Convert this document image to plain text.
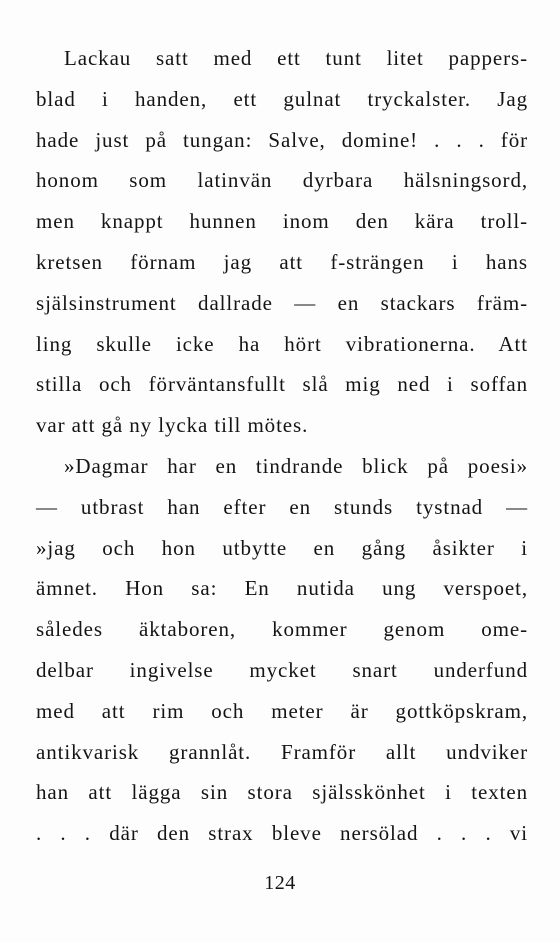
Lackau satt med ett tunt litet pappers-
blad i handen, ett gulnat tryckalster. Jag
hade just på tungan: Salve, domine! . . . för
honom som latinvän dyrbara hälsningsord,
men knappt hunnen inom den kära troll-
kretsen förnam jag att f-strängen i hans
själsinstrument dallrade — en stackars främ-
ling skulle icke ha hört vibrationerna. Att
stilla och förväntansfullt slå mig ned i soffan
var att gå ny lycka till mötes.
»Dagmar har en tindrande blick på poesi»
— utbrast han efter en stunds tystnad —
»jag och hon utbytte en gång åsikter i
ämnet. Hon sa: En nutida ung verspoet,
således äktaboren, kommer genom ome-
delbar ingivelse mycket snart underfund
med att rim och meter är gottköpskram,
antikvarisk grannlåt. Framför allt undviker
han att lägga sin stora själsskönhet i texten
. . . där den strax bleve nersölad . . . vi
124
